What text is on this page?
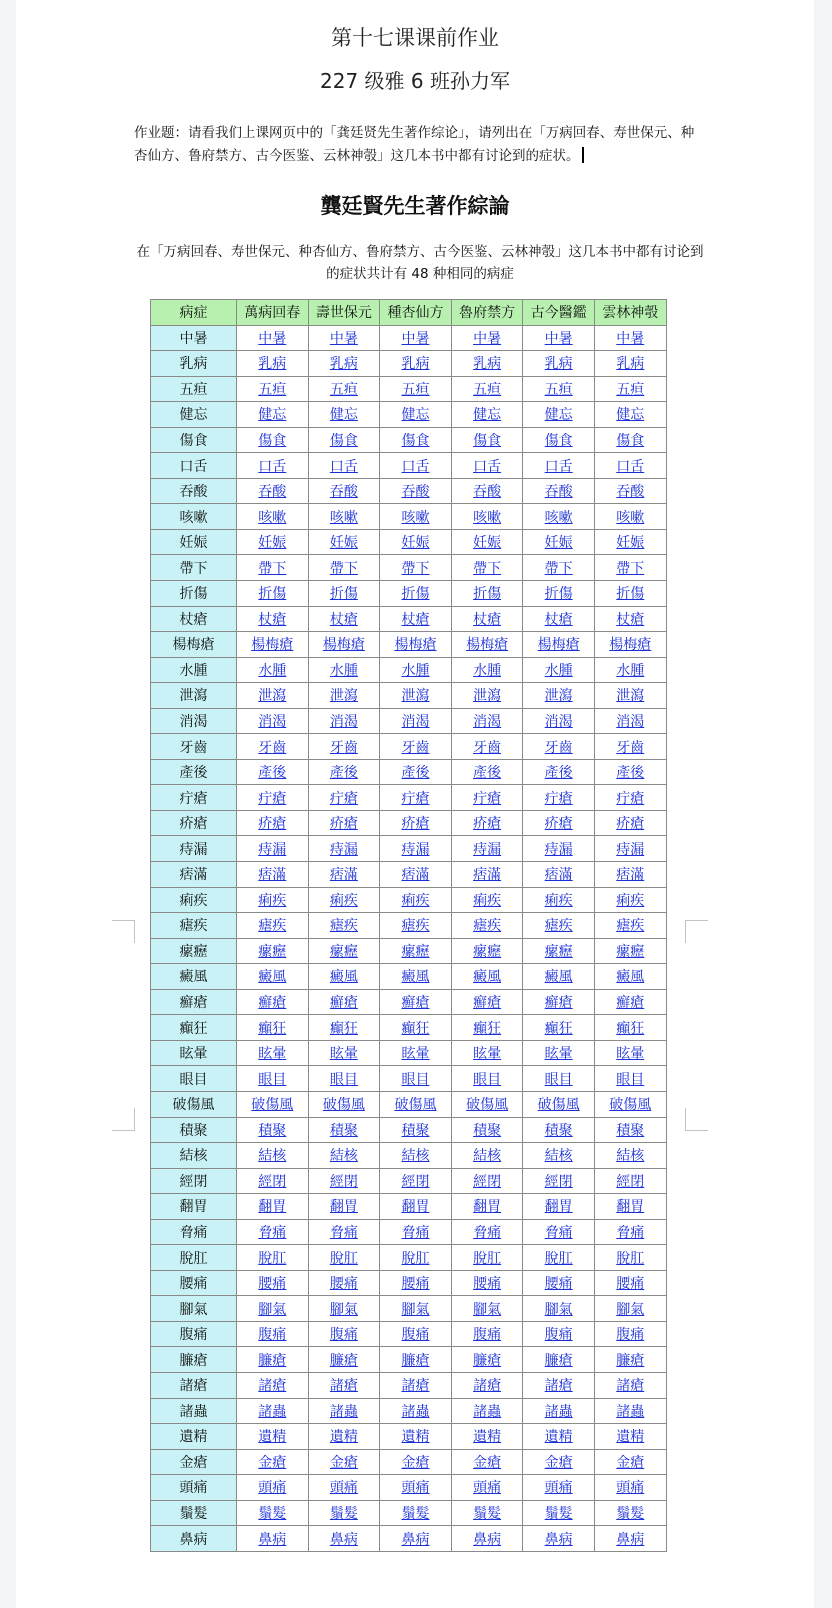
第十七课课前作业
227 级雅 6 班孙力军
作业题：请看我们上课网页中的「龚廷贤先生著作综论」，请列出在「万病回春、寿世保元、种杏仙方、鲁府禁方、古今医鉴、云林神彀」这几本书中都有讨论到的症状。
龔廷賢先生著作綜論
在「万病回春、寿世保元、种杏仙方、鲁府禁方、古今医鉴、云林神彀」这几本书中都有讨论到的症状共计有 48 种相同的病症
病症	萬病回春	壽世保元	種杏仙方	魯府禁方	古今醫鑑	雲林神彀
中暑	中暑	中暑	中暑	中暑	中暑	中暑
乳病	乳病	乳病	乳病	乳病	乳病	乳病
五疸	五疸	五疸	五疸	五疸	五疸	五疸
健忘	健忘	健忘	健忘	健忘	健忘	健忘
傷食	傷食	傷食	傷食	傷食	傷食	傷食
口舌	口舌	口舌	口舌	口舌	口舌	口舌
吞酸	吞酸	吞酸	吞酸	吞酸	吞酸	吞酸
咳嗽	咳嗽	咳嗽	咳嗽	咳嗽	咳嗽	咳嗽
妊娠	妊娠	妊娠	妊娠	妊娠	妊娠	妊娠
帶下	帶下	帶下	帶下	帶下	帶下	帶下
折傷	折傷	折傷	折傷	折傷	折傷	折傷
杖瘡	杖瘡	杖瘡	杖瘡	杖瘡	杖瘡	杖瘡
楊梅瘡	楊梅瘡	楊梅瘡	楊梅瘡	楊梅瘡	楊梅瘡	楊梅瘡
水腫	水腫	水腫	水腫	水腫	水腫	水腫
泄瀉	泄瀉	泄瀉	泄瀉	泄瀉	泄瀉	泄瀉
消渴	消渴	消渴	消渴	消渴	消渴	消渴
牙齒	牙齒	牙齒	牙齒	牙齒	牙齒	牙齒
產後	產後	產後	產後	產後	產後	產後
疔瘡	疔瘡	疔瘡	疔瘡	疔瘡	疔瘡	疔瘡
疥瘡	疥瘡	疥瘡	疥瘡	疥瘡	疥瘡	疥瘡
痔漏	痔漏	痔漏	痔漏	痔漏	痔漏	痔漏
痞滿	痞滿	痞滿	痞滿	痞滿	痞滿	痞滿
痢疾	痢疾	痢疾	痢疾	痢疾	痢疾	痢疾
瘧疾	瘧疾	瘧疾	瘧疾	瘧疾	瘧疾	瘧疾
瘰癧	瘰癧	瘰癧	瘰癧	瘰癧	瘰癧	瘰癧
癜風	癜風	癜風	癜風	癜風	癜風	癜風
癬瘡	癬瘡	癬瘡	癬瘡	癬瘡	癬瘡	癬瘡
癲狂	癲狂	癲狂	癲狂	癲狂	癲狂	癲狂
眩暈	眩暈	眩暈	眩暈	眩暈	眩暈	眩暈
眼目	眼目	眼目	眼目	眼目	眼目	眼目
破傷風	破傷風	破傷風	破傷風	破傷風	破傷風	破傷風
積聚	積聚	積聚	積聚	積聚	積聚	積聚
結核	結核	結核	結核	結核	結核	結核
經閉	經閉	經閉	經閉	經閉	經閉	經閉
翻胃	翻胃	翻胃	翻胃	翻胃	翻胃	翻胃
脅痛	脅痛	脅痛	脅痛	脅痛	脅痛	脅痛
脫肛	脫肛	脫肛	脫肛	脫肛	脫肛	脫肛
腰痛	腰痛	腰痛	腰痛	腰痛	腰痛	腰痛
腳氣	腳氣	腳氣	腳氣	腳氣	腳氣	腳氣
腹痛	腹痛	腹痛	腹痛	腹痛	腹痛	腹痛
臁瘡	臁瘡	臁瘡	臁瘡	臁瘡	臁瘡	臁瘡
諸瘡	諸瘡	諸瘡	諸瘡	諸瘡	諸瘡	諸瘡
諸蟲	諸蟲	諸蟲	諸蟲	諸蟲	諸蟲	諸蟲
遺精	遺精	遺精	遺精	遺精	遺精	遺精
金瘡	金瘡	金瘡	金瘡	金瘡	金瘡	金瘡
頭痛	頭痛	頭痛	頭痛	頭痛	頭痛	頭痛
鬚髮	鬚髮	鬚髮	鬚髮	鬚髮	鬚髮	鬚髮
鼻病	鼻病	鼻病	鼻病	鼻病	鼻病	鼻病
